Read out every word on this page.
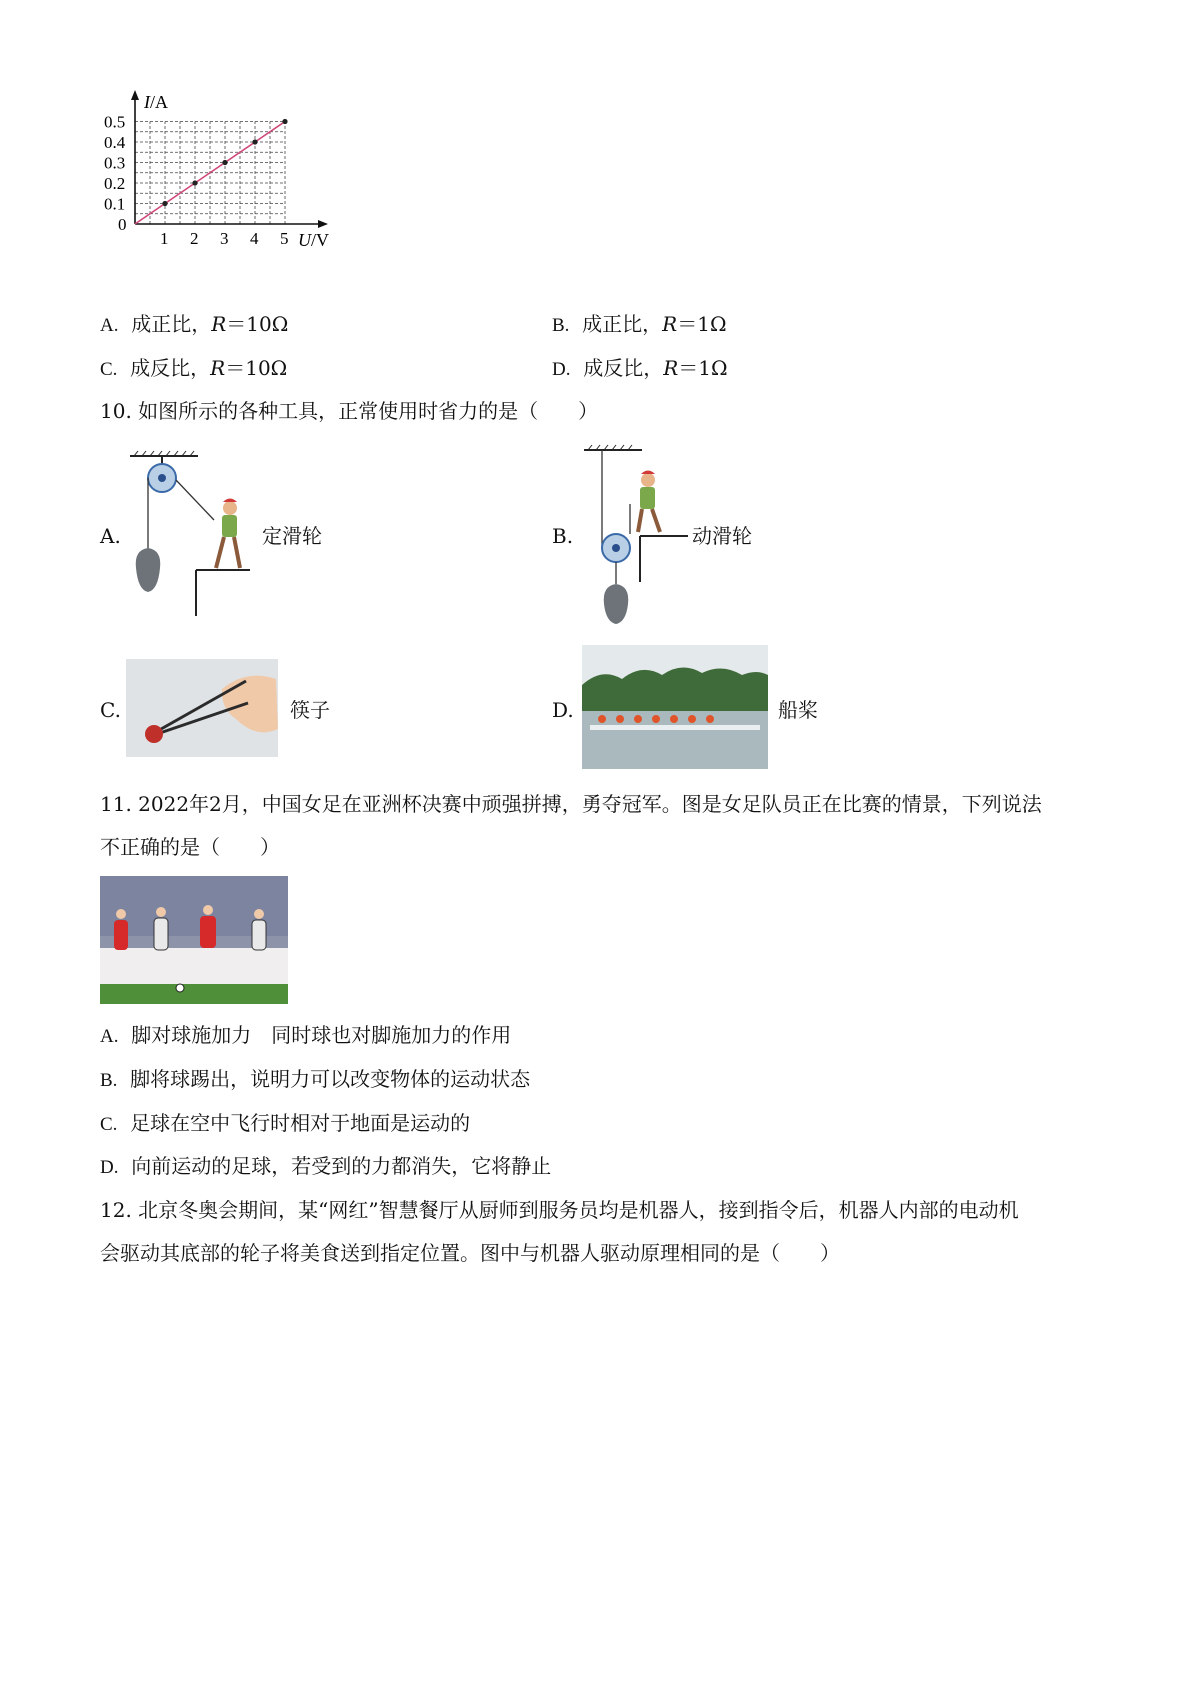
0.1
0.2
0.3
0.4
0.5
1 2 3 4 5
I/A
U/V
0
A. 成正比，R＝10Ω	B. 成正比，R＝1Ω
C. 成反比，R＝10Ω	D. 成反比，R＝1Ω
10. 如图所示的各种工具，正常使用时省力的是（　　）
A.	定滑轮	B.	动滑轮
C.	筷子	D.	船桨
11. 2022年2月，中国女足在亚洲杯决赛中顽强拼搏，勇夺冠军。图是女足队员正在比赛的情景，下列说法
不正确的是（　　）
A. 脚对球施加力　同时球也对脚施加力的作用
B. 脚将球踢出，说明力可以改变物体的运动状态
C. 足球在空中飞行时相对于地面是运动的
D. 向前运动的足球，若受到的力都消失，它将静止
12. 北京冬奥会期间，某“网红”智慧餐厅从厨师到服务员均是机器人，接到指令后，机器人内部的电动机
会驱动其底部的轮子将美食送到指定位置。图中与机器人驱动原理相同的是（　　）
